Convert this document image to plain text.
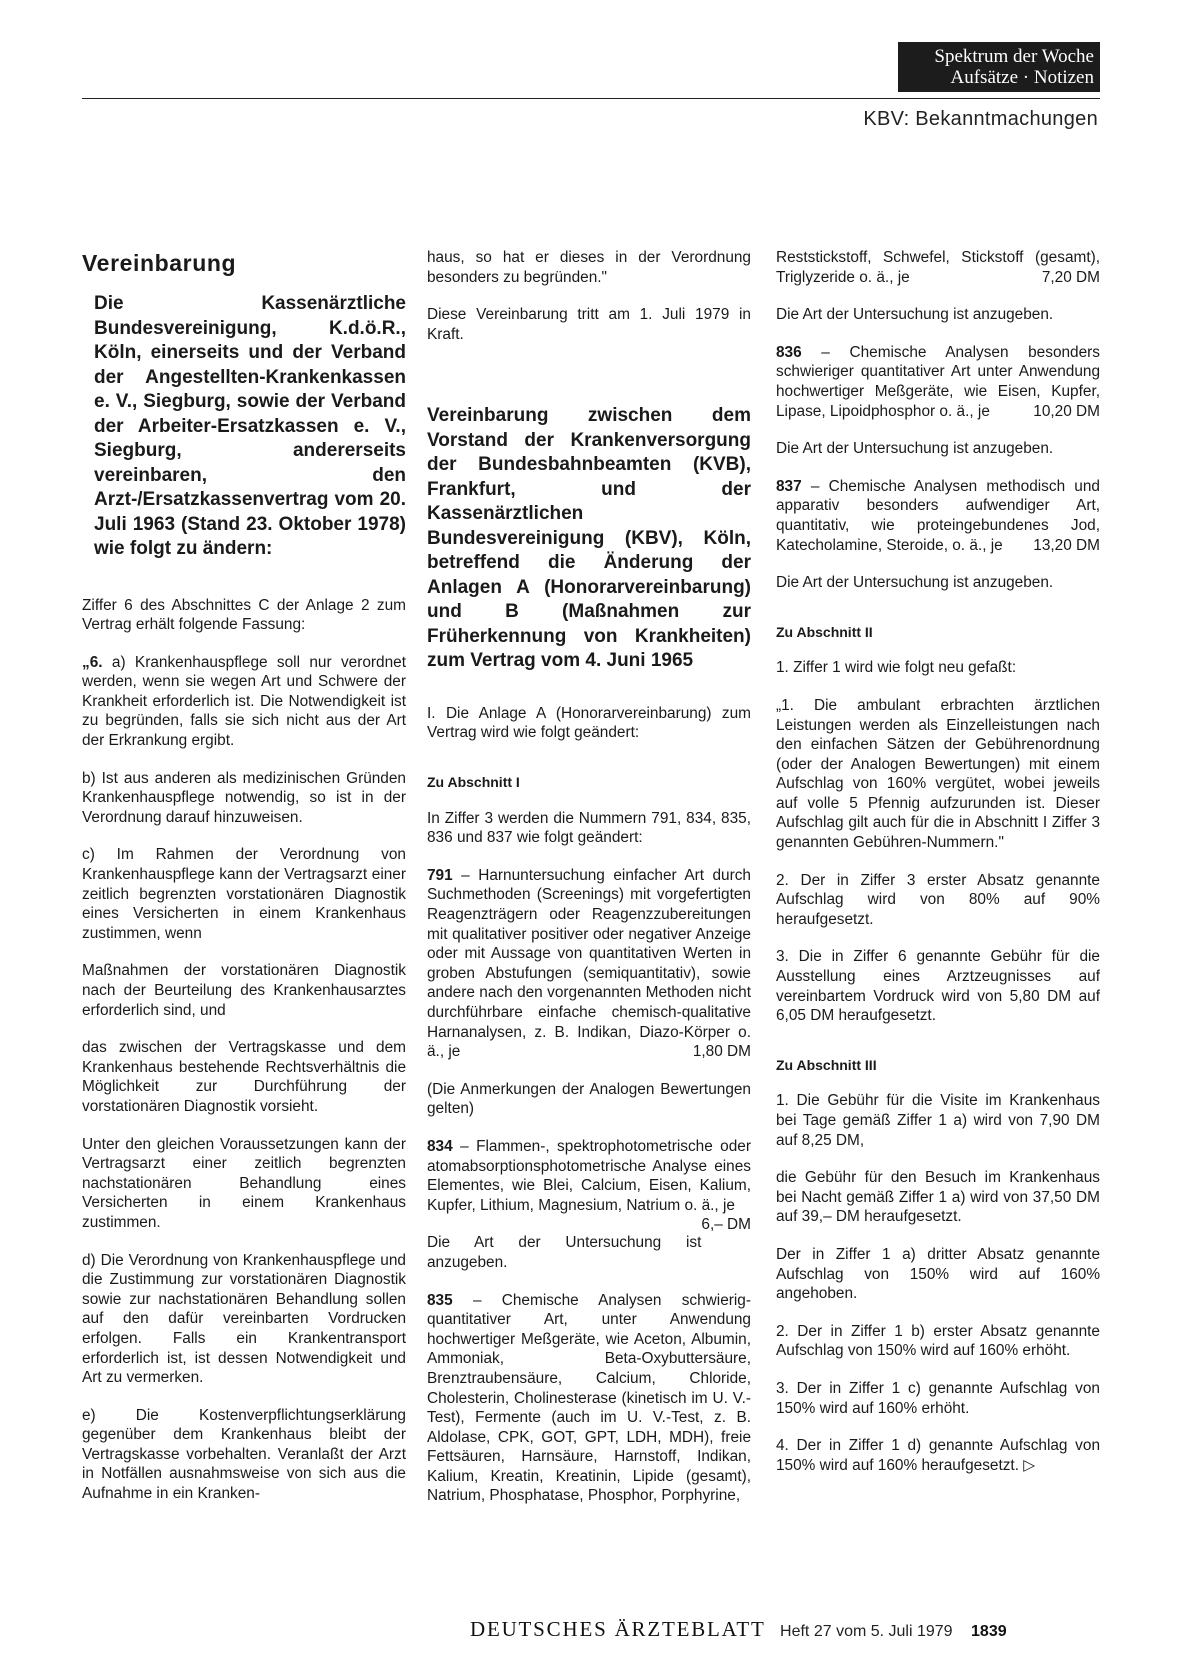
Spektrum der Woche
Aufsätze · Notizen
KBV: Bekanntmachungen
Vereinbarung
Die Kassenärztliche Bundesvereinigung, K.d.ö.R., Köln, einerseits und der Verband der Angestellten-Krankenkassen e. V., Siegburg, sowie der Verband der Arbeiter-Ersatzkassen e. V., Siegburg, andererseits vereinbaren, den Arzt-/Ersatzkassenvertrag vom 20. Juli 1963 (Stand 23. Oktober 1978) wie folgt zu ändern:

Ziffer 6 des Abschnittes C der Anlage 2 zum Vertrag erhält folgende Fassung:

„6. a) Krankenhauspflege soll nur verordnet werden, wenn sie wegen Art und Schwere der Krankheit erforderlich ist. Die Notwendigkeit ist zu begründen, falls sie sich nicht aus der Art der Erkrankung ergibt.

b) Ist aus anderen als medizinischen Gründen Krankenhauspflege notwendig, so ist in der Verordnung darauf hinzuweisen.

c) Im Rahmen der Verordnung von Krankenhauspflege kann der Vertragsarzt einer zeitlich begrenzten vorstationären Diagnostik eines Versicherten in einem Krankenhaus zustimmen, wenn

Maßnahmen der vorstationären Diagnostik nach der Beurteilung des Krankenhausarztes erforderlich sind, und

das zwischen der Vertragskasse und dem Krankenhaus bestehende Rechtsverhältnis die Möglichkeit zur Durchführung der vorstationären Diagnostik vorsieht.

Unter den gleichen Voraussetzungen kann der Vertragsarzt einer zeitlich begrenzten nachstationären Behandlung eines Versicherten in einem Krankenhaus zustimmen.

d) Die Verordnung von Krankenhauspflege und die Zustimmung zur vorstationären Diagnostik sowie zur nachstationären Behandlung sollen auf den dafür vereinbarten Vordrucken erfolgen. Falls ein Krankentransport erforderlich ist, ist dessen Notwendigkeit und Art zu vermerken.

e) Die Kostenverpflichtungserklärung gegenüber dem Krankenhaus bleibt der Vertragskasse vorbehalten. Veranlaßt der Arzt in Notfällen ausnahmsweise von sich aus die Aufnahme in ein Kranken-

haus, so hat er dieses in der Verordnung besonders zu begründen."

Diese Vereinbarung tritt am 1. Juli 1979 in Kraft.

Vereinbarung zwischen dem Vorstand der Krankenversorgung der Bundesbahnbeamten (KVB), Frankfurt, und der Kassenärztlichen Bundesvereinigung (KBV), Köln, betreffend die Änderung der Anlagen A (Honorarvereinbarung) und B (Maßnahmen zur Früherkennung von Krankheiten) zum Vertrag vom 4. Juni 1965

I. Die Anlage A (Honorarvereinbarung) zum Vertrag wird wie folgt geändert:

Zu Abschnitt I

In Ziffer 3 werden die Nummern 791, 834, 835, 836 und 837 wie folgt geändert:

791 – Harnuntersuchung einfacher Art durch Suchmethoden (Screenings) mit vorgefertigten Reagenzträgern oder Reagenzzubereitungen mit qualitativer positiver oder negativer Anzeige oder mit Aussage von quantitativen Werten in groben Abstufungen (semiquantitativ), sowie andere nach den vorgenannten Methoden nicht durchführbare einfache chemisch-qualitative Harnanalysen, z. B. Indikan, Diazo-Körper o. ä., je	1,80 DM

(Die Anmerkungen der Analogen Bewertungen gelten)

834 – Flammen-, spektrophotometrische oder atomabsorptionsphotometrische Analyse eines Elementes, wie Blei, Calcium, Eisen, Kalium, Kupfer, Lithium, Magnesium, Natrium o. ä., je
6,– DM

Die Art der Untersuchung ist anzugeben.

835 – Chemische Analysen schwierig-quantitativer Art, unter Anwendung hochwertiger Meßgeräte, wie Aceton, Albumin, Ammoniak, Beta-Oxybuttersäure, Brenztraubensäure, Calcium, Chloride, Cholesterin, Cholinesterase (kinetisch im U. V.-Test), Fermente (auch im U. V.-Test, z. B. Aldolase, CPK, GOT, GPT, LDH, MDH), freie Fettsäuren, Harnsäure, Harnstoff, Indikan, Kalium, Kreatin, Kreatinin, Lipide (gesamt), Natrium, Phosphatase, Phosphor, Porphyrine,

Reststickstoff, Schwefel, Stickstoff (gesamt), Triglyzeride o. ä., je	7,20 DM

Die Art der Untersuchung ist anzugeben.

836 – Chemische Analysen besonders schwieriger quantitativer Art unter Anwendung hochwertiger Meßgeräte, wie Eisen, Kupfer, Lipase, Lipoidphosphor o. ä., je	10,20 DM

Die Art der Untersuchung ist anzugeben.

837 – Chemische Analysen methodisch und apparativ besonders aufwendiger Art, quantitativ, wie proteingebundenes Jod, Katecholamine, Steroide, o. ä., je 13,20 DM

Die Art der Untersuchung ist anzugeben.

Zu Abschnitt II

1. Ziffer 1 wird wie folgt neu gefaßt:

„1. Die ambulant erbrachten ärztlichen Leistungen werden als Einzelleistungen nach den einfachen Sätzen der Gebührenordnung (oder der Analogen Bewertungen) mit einem Aufschlag von 160% vergütet, wobei jeweils auf volle 5 Pfennig aufzurunden ist. Dieser Aufschlag gilt auch für die in Abschnitt I Ziffer 3 genannten Gebühren-Nummern."

2. Der in Ziffer 3 erster Absatz genannte Aufschlag wird von 80% auf 90% heraufgesetzt.

3. Die in Ziffer 6 genannte Gebühr für die Ausstellung eines Arztzeugnisses auf vereinbartem Vordruck wird von 5,80 DM auf 6,05 DM heraufgesetzt.

Zu Abschnitt III

1. Die Gebühr für die Visite im Krankenhaus bei Tage gemäß Ziffer 1 a) wird von 7,90 DM auf 8,25 DM,

die Gebühr für den Besuch im Krankenhaus bei Nacht gemäß Ziffer 1 a) wird von 37,50 DM auf 39,– DM heraufgesetzt.

Der in Ziffer 1 a) dritter Absatz genannte Aufschlag von 150% wird auf 160% angehoben.

2. Der in Ziffer 1 b) erster Absatz genannte Aufschlag von 150% wird auf 160% erhöht.

3. Der in Ziffer 1 c) genannte Aufschlag von 150% wird auf 160% erhöht.

4. Der in Ziffer 1 d) genannte Aufschlag von 150% wird auf 160% heraufgesetzt. ▷

DEUTSCHES ÄRZTEBLATT Heft 27 vom 5. Juli 1979 1839
